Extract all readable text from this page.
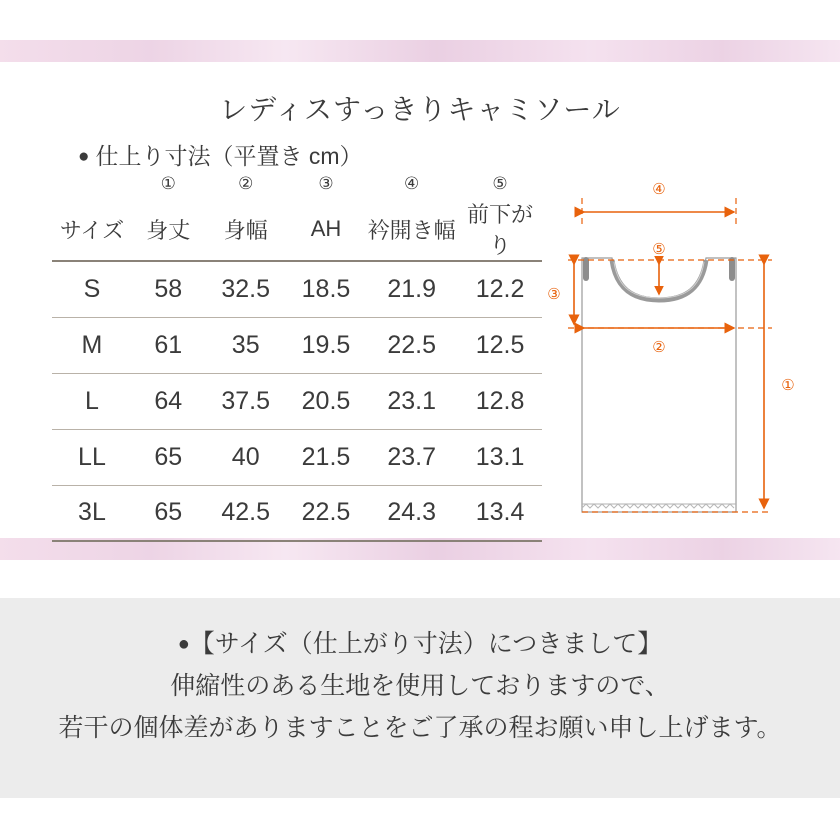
レディスすっきりキャミソール
● 仕上り寸法（平置き cm）
	①	②	③	④	⑤
サイズ	身丈	身幅	AH	衿開き幅	前下がり
S	58	32.5	18.5	21.9	12.2
M	61	35	19.5	22.5	12.5
L	64	37.5	20.5	23.1	12.8
LL	65	40	21.5	23.7	13.1
3L	65	42.5	22.5	24.3	13.4
④
③
⑤
②
①
●【サイズ（仕上がり寸法）につきまして】
伸縮性のある生地を使用しておりますので、
若干の個体差がありますことをご了承の程お願い申し上げます。
